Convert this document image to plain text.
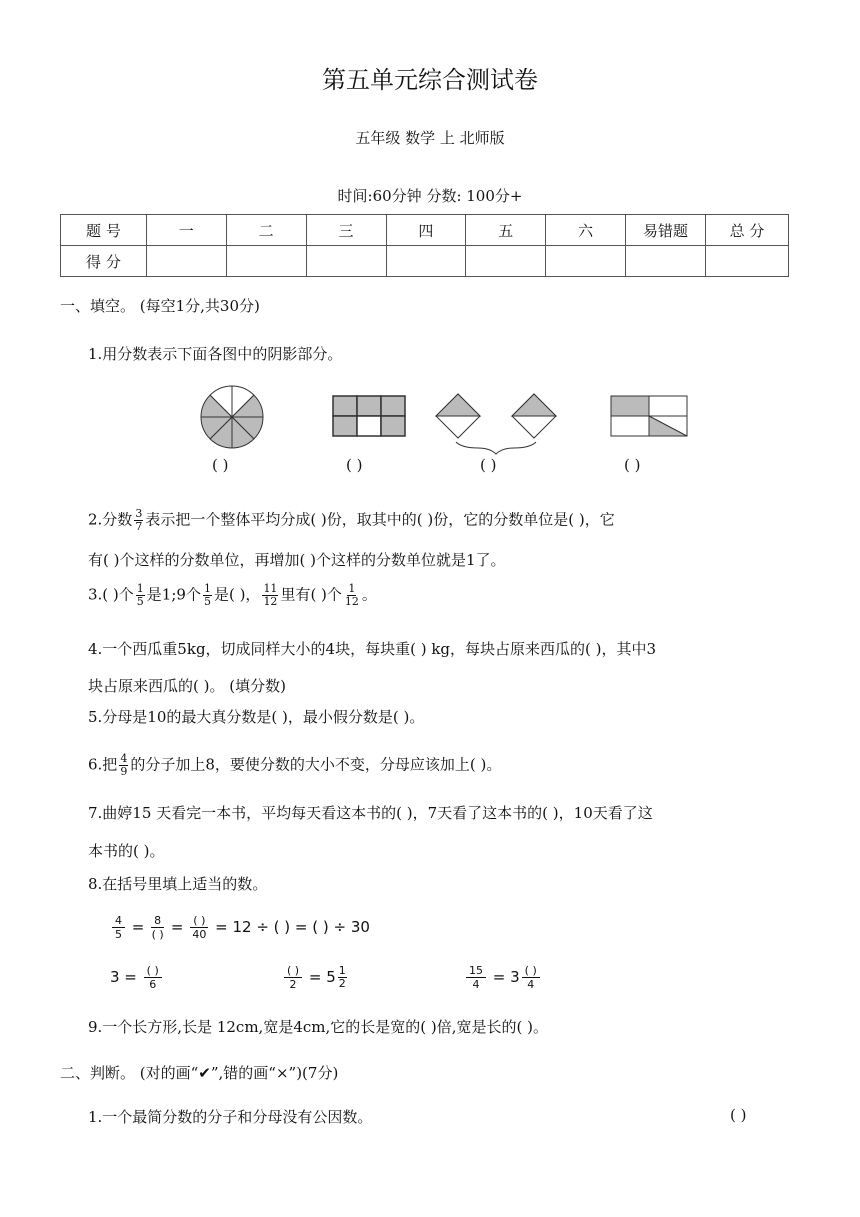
第五单元综合测试卷
五年级 数学 上 北师版
时间:60分钟 分数: 100分+
题 号	一	二	三	四	五	六	易错题	总 分
得 分								
一、填空。 (每空1分,共30分)
1.用分数表示下面各图中的阴影部分。
( )	( )	( )	( )
2.分数 $\frac{3}{7}$ 表示把一个整体平均分成( )份，取其中的( )份，它的分数单位是( )，它
有( )个这样的分数单位，再增加( )个这样的分数单位就是1了。
3.( )个 $\frac{1}{5}$ 是1;9个 $\frac{1}{5}$ 是( )， $\frac{11}{12}$ 里有( )个 $\frac{1}{12}$ 。
4.一个西瓜重5kg，切成同样大小的4块，每块重( ) kg，每块占原来西瓜的( )，其中3
块占原来西瓜的( )。 (填分数)
5.分母是10的最大真分数是( )，最小假分数是( )。
6.把 $\frac{4}{9}$ 的分子加上8，要使分数的大小不变，分母应该加上( )。
7.曲婷15 天看完一本书，平均每天看这本书的( )，7天看了这本书的( )，10天看了这
本书的( )。
8.在括号里填上适当的数。
$\frac{4}{5} = \frac{8}{( )} = \frac{( )}{40} = 12$ ÷ ( ) = ( ) ÷ 30
$3 = \frac{( )}{6}$	$\frac{( )}{2} = 5 \frac{1}{2}$	$\frac{15}{4} = 3 \frac{( )}{4}$
9.一个长方形,长是 12cm,宽是4cm,它的长是宽的( )倍,宽是长的( )。
二、判断。 (对的画“✔”,错的画“×”)(7分)
1.一个最简分数的分子和分母没有公因数。	( )
